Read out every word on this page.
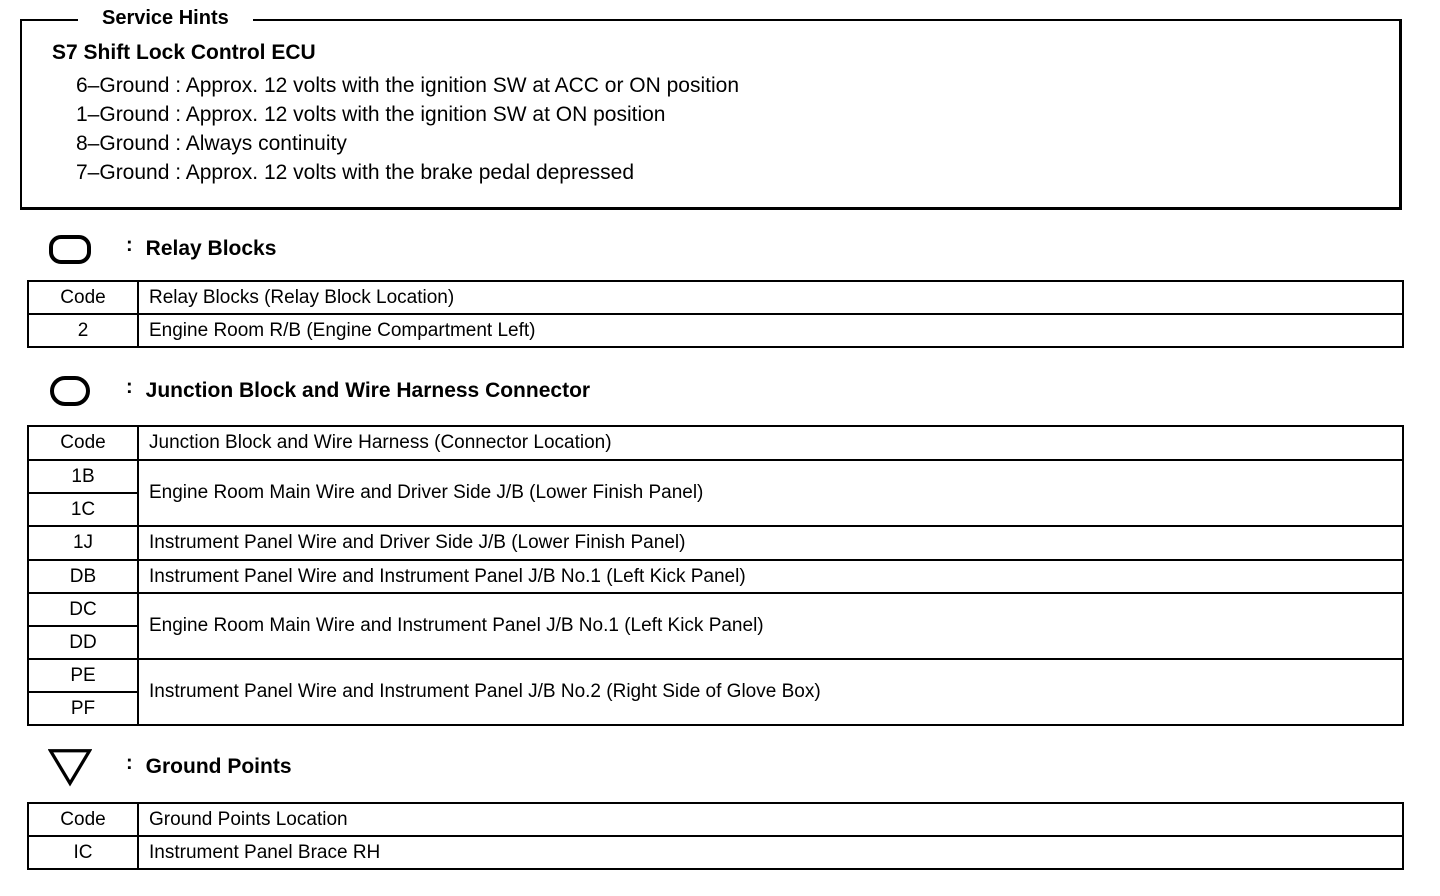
Service Hints
S7 Shift Lock Control ECU
6–Ground : Approx. 12 volts with the ignition SW at ACC or ON position
1–Ground : Approx. 12 volts with the ignition SW at ON position
8–Ground : Always continuity
7–Ground : Approx. 12 volts with the brake pedal depressed
: Relay Blocks
Code	Relay Blocks (Relay Block Location)
2	Engine Room R/B (Engine Compartment Left)
: Junction Block and Wire Harness Connector
Code	Junction Block and Wire Harness (Connector Location)
1B	Engine Room Main Wire and Driver Side J/B (Lower Finish Panel)
1C	
1J	Instrument Panel Wire and Driver Side J/B (Lower Finish Panel)
DB	Instrument Panel Wire and Instrument Panel J/B No.1 (Left Kick Panel)
DC	Engine Room Main Wire and Instrument Panel J/B No.1 (Left Kick Panel)
DD	
PE	Instrument Panel Wire and Instrument Panel J/B No.2 (Right Side of Glove Box)
PF	
: Ground Points
Code	Ground Points Location
IC	Instrument Panel Brace RH
